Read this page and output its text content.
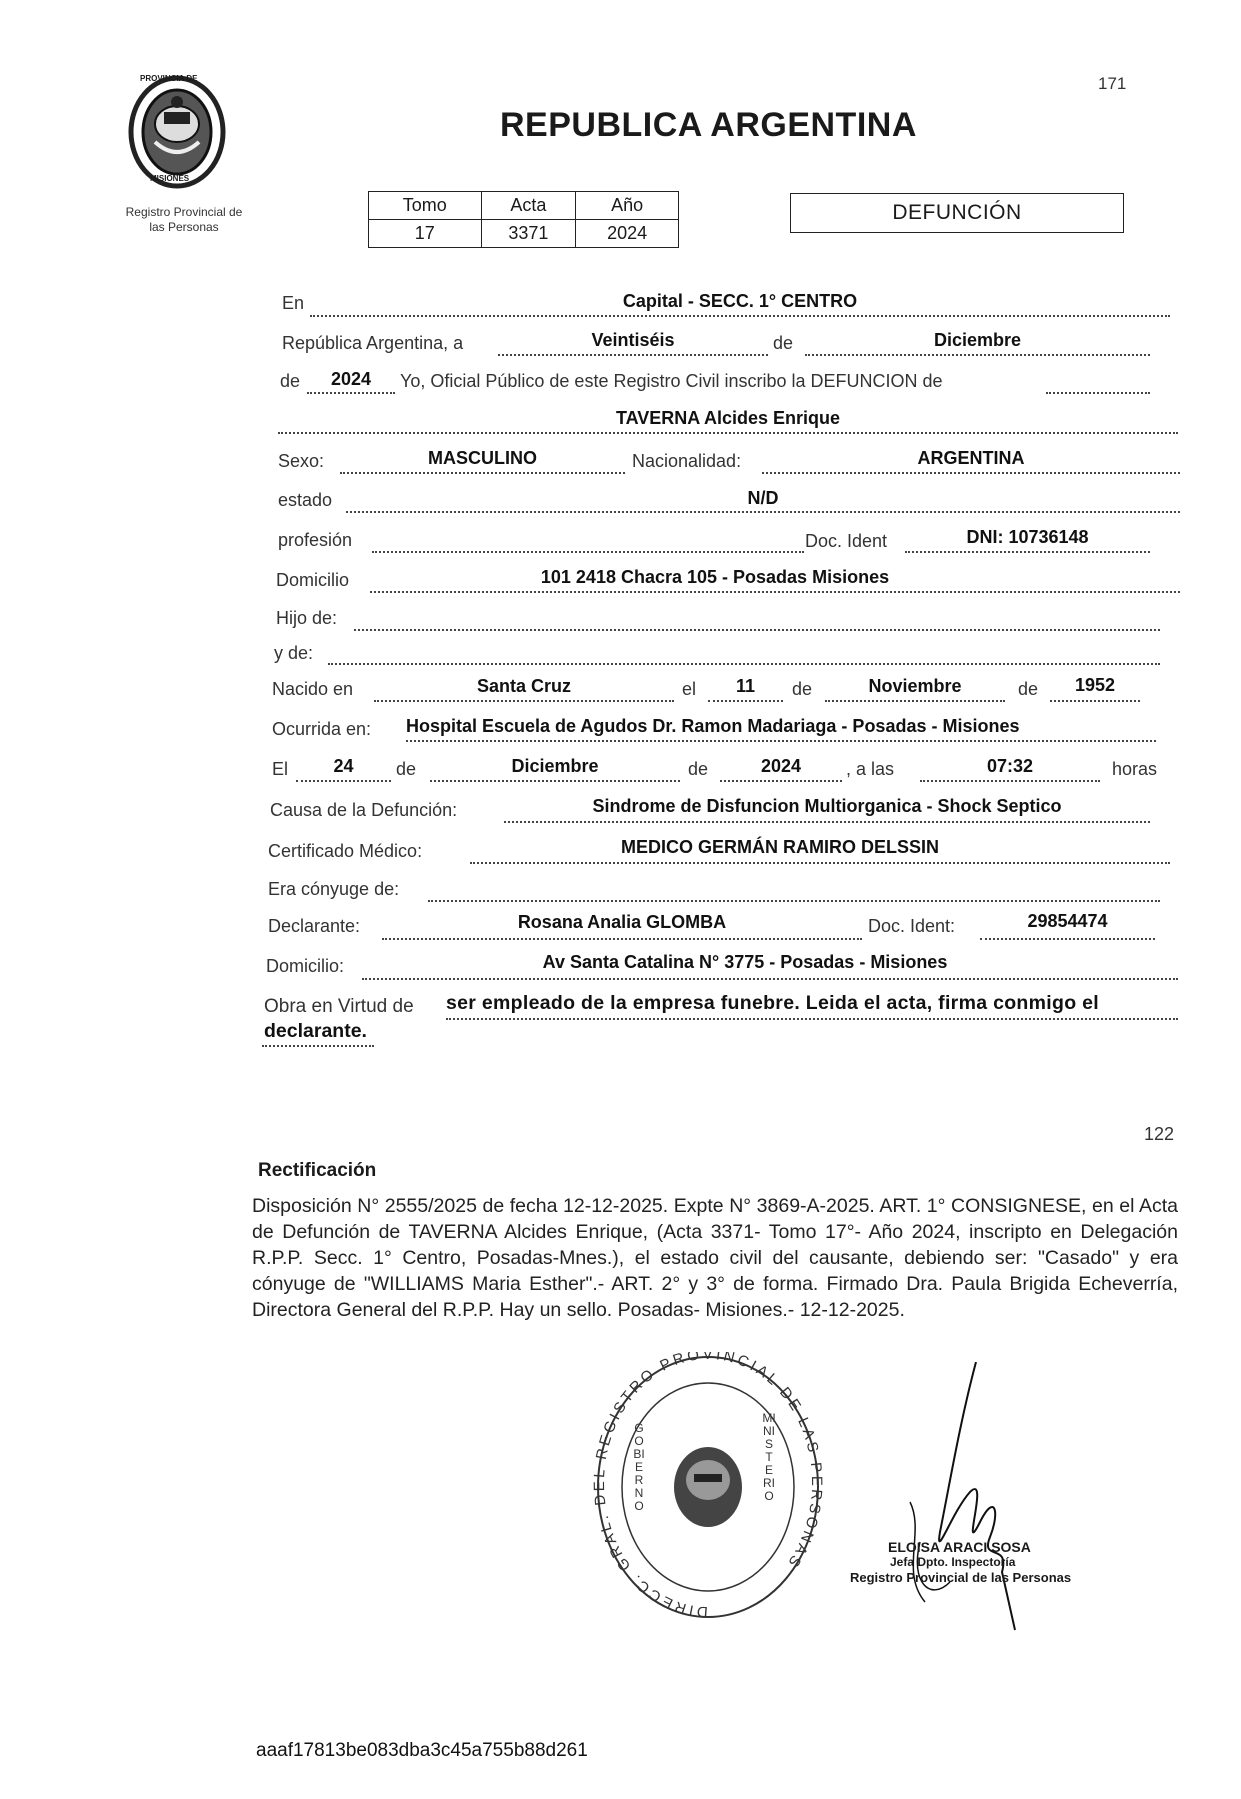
171
PROVINCIA DE
MISIONES
Registro Provincial de
las Personas
REPUBLICA ARGENTINA
Tomo	Acta	Año
17	3371	2024
DEFUNCIÓN
En	Capital - SECC. 1° CENTRO
República Argentina, a	Veintiséis	de	Diciembre
de	2024	Yo, Oficial Público de este Registro Civil inscribo la DEFUNCION de
TAVERNA Alcides Enrique
Sexo:	MASCULINO	Nacionalidad:	ARGENTINA
estado	N/D
profesión	Doc. Ident	DNI: 10736148
Domicilio	101 2418 Chacra 105 - Posadas Misiones
Hijo de:
y de:
Nacido en	Santa Cruz	el	11	de	Noviembre	de	1952
Ocurrida en: Hospital Escuela de Agudos Dr. Ramon Madariaga - Posadas - Misiones
El	24	de	Diciembre	de	2024	, a las	07:32	horas
Causa de la Defunción:	Sindrome de Disfuncion Multiorganica - Shock Septico
Certificado Médico:	MEDICO GERMÁN RAMIRO DELSSIN
Era cónyuge de:
Declarante:	Rosana Analia GLOMBA	Doc. Ident:	29854474
Domicilio:	Av Santa Catalina N° 3775 - Posadas - Misiones
Obra en Virtud de ser empleado de la empresa funebre. Leida el acta, firma conmigo el
declarante.
122
Rectificación
Disposición N° 2555/2025 de fecha 12-12-2025. Expte N° 3869-A-2025. ART. 1° CONSIGNESE, en el Acta de Defunción de TAVERNA Alcides Enrique, (Acta 3371- Tomo 17°- Año 2024, inscripto en Delegación R.P.P. Secc. 1° Centro, Posadas-Mnes.), el estado civil del causante, debiendo ser: "Casado" y era cónyuge de "WILLIAMS Maria Esther".- ART. 2° y 3° de forma. Firmado Dra. Paula Brigida Echeverría, Directora General del R.P.P. Hay un sello. Posadas- Misiones.- 12-12-2025.
DIRECC. GRAL. DEL REGISTRO PROVINCIAL DE LAS PERSONAS
GOBIERNO
MINISTERIO
ELOISA ARACI SOSA
Jefa Dpto. Inspectoría
Registro Provincial de las Personas
aaaf17813be083dba3c45a755b88d261
